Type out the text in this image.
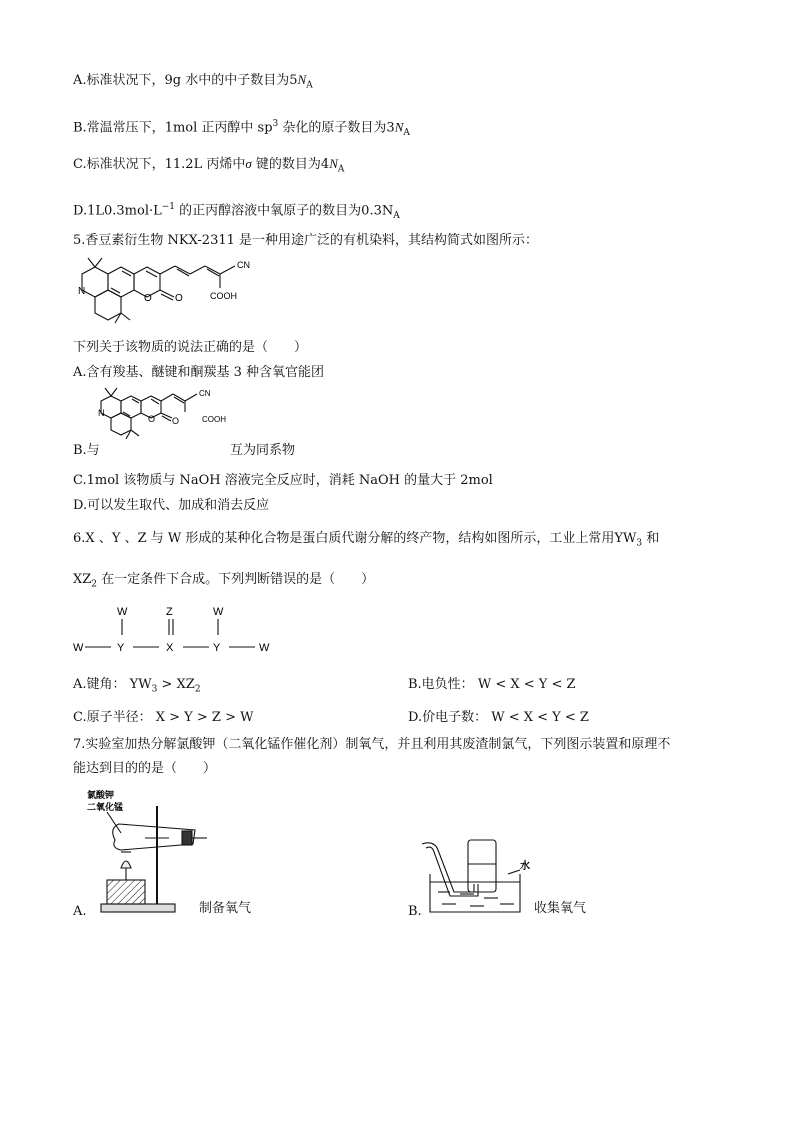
A.标准状况下，9g 水中的中子数目为$5N_A$
B.常温常压下，1mol 正丙醇中 $sp^3$ 杂化的原子数目为$3N_A$
C.标准状况下，11.2L 丙烯中σ 键的数目为$4N_A$
$D.1L0.3mol\cdot L^{-1}$ 的正丙醇溶液中氧原子的数目为$0.3N_A$
5.香豆素衍生物 NKX-2311 是一种用途广泛的有机染料，其结构简式如图所示：
N
O O
CN
COOH
下列关于该物质的说法正确的是（　　）
A.含有羧基、醚键和酮羰基 3 种含氧官能团
N
O O
CN
COOH
B.与	互为同系物
C.1mol 该物质与 NaOH 溶液完全反应时，消耗 NaOH 的量大于 2mol
D.可以发生取代、加成和消去反应
6.X 、Y 、Z 与 W 形成的某种化合物是蛋白质代谢分解的终产物，结构如图所示，工业上常用$YW_3$ 和
$XZ_2$ 在一定条件下合成。下列判断错误的是（　　）
W
W
Y
Z
X
W
Y	W
A.键角： $YW_3 > XZ_2$	B.电负性： W < X < Y < Z
C.原子半径： X > Y > Z > W	D.价电子数： W < X < Y < Z
7.实验室加热分解氯酸钾（二氧化锰作催化剂）制氧气，并且利用其废渣制氯气，下列图示装置和原理不
能达到目的的是（　　）
氯酸钾
二氧化锰
A.	制备氧气
水
B.	收集氧气
